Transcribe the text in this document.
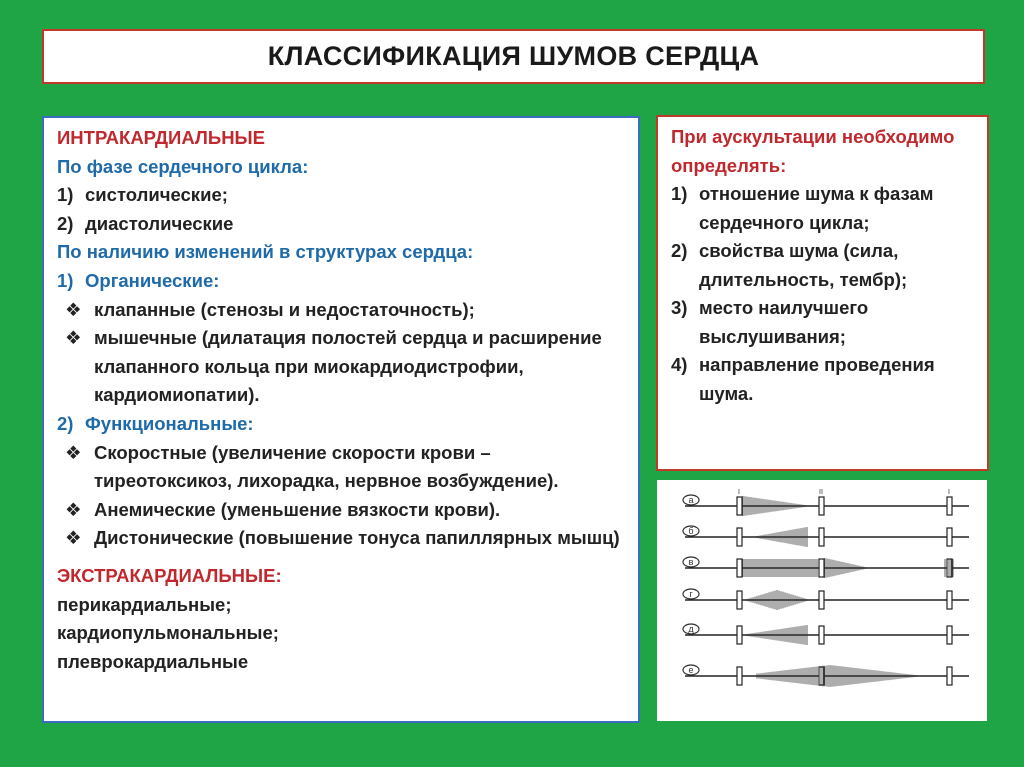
КЛАССИФИКАЦИЯ ШУМОВ СЕРДЦА
ИНТРАКАРДИАЛЬНЫЕ
По фазе сердечного цикла:
1) систолические;
2) диастолические
По наличию изменений в структурах сердца:
1) Органические:
❖ клапанные (стенозы и недостаточность);
❖ мышечные (дилатация полостей сердца и расширение клапанного кольца при миокардиодистрофии, кардиомиопатии).
2) Функциональные:
❖ Скоростные (увеличение скорости крови – тиреотоксикоз, лихорадка, нервное возбуждение).
❖ Анемические (уменьшение вязкости крови).
❖ Дистонические (повышение тонуса папиллярных мышц)
ЭКСТРАКАРДИАЛЬНЫЕ:
перикардиальные;
кардиопульмональные;
плеврокардиальные
При аускультации необходимо определять:
1) отношение шума к фазам сердечного цикла;
2) свойства шума (сила, длительность, тембр);
3) место наилучшего выслушивания;
4) направление проведения шума.
а
I	II	I
б
в
г
д
е
